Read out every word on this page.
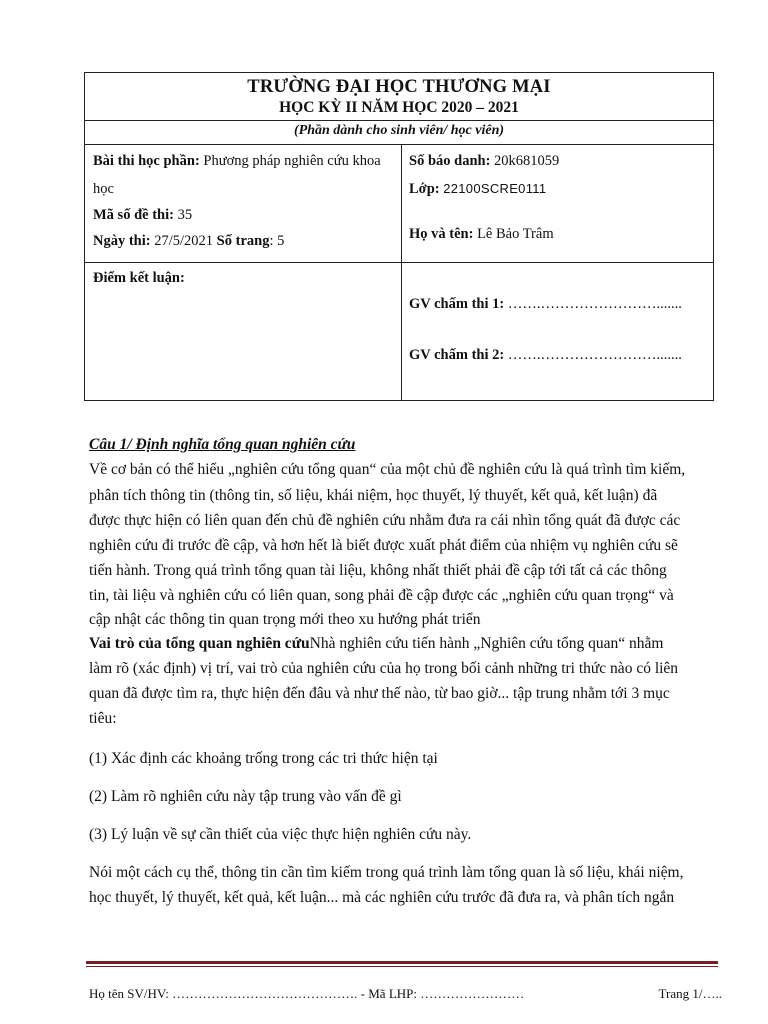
TRƯỜNG ĐẠI HỌC THƯƠNG MẠI
HỌC KỲ II NĂM HỌC 2020 – 2021
(Phần dành cho sinh viên/ học viên)
Bài thi học phần: Phương pháp nghiên cứu khoa
học
Mã số đề thi: 35
Ngày thi: 27/5/2021 Số trang: 5
Điểm kết luận:
Số báo danh: 20k681059
Lớp: 22100SCRE0111
Họ và tên: Lê Bảo Trâm
GV chấm thi 1: …….…………………….......
GV chấm thi 2: …….…………………….......
Câu 1/ Định nghĩa tổng quan nghiên cứu
Về cơ bản có thể hiểu „nghiên cứu tổng quan“ của một chủ đề nghiên cứu là quá trình tìm kiếm,
phân tích thông tin (thông tin, số liệu, khái niệm, học thuyết, lý thuyết, kết quả, kết luận) đã
được thực hiện có liên quan đến chủ đề nghiên cứu nhằm đưa ra cái nhìn tổng quát đã được các
nghiên cứu đi trước đề cập, và hơn hết là biết được xuất phát điểm của nhiệm vụ nghiên cứu sẽ
tiến hành. Trong quá trình tổng quan tài liệu, không nhất thiết phải đề cập tới tất cả các thông
tin, tài liệu và nghiên cứu có liên quan, song phải đề cập được các „nghiên cứu quan trọng“ và
cập nhật các thông tin quan trọng mới theo xu hướng phát triển
Vai trò của tổng quan nghiên cứuNhà nghiên cứu tiến hành „Nghiên cứu tổng quan“ nhằm
làm rõ (xác định) vị trí, vai trò của nghiên cứu của họ trong bối cảnh những tri thức nào có liên
quan đã được tìm ra, thực hiện đến đâu và như thế nào, từ bao giờ... tập trung nhằm tới 3 mục
tiêu:
(1) Xác định các khoảng trống trong các tri thức hiện tại
(2) Làm rõ nghiên cứu này tập trung vào vấn đề gì
(3) Lý luận về sự cần thiết của việc thực hiện nghiên cứu này.
Nói một cách cụ thể, thông tin cần tìm kiếm trong quá trình làm tổng quan là số liệu, khái niệm,
học thuyết, lý thuyết, kết quả, kết luận... mà các nghiên cứu trước đã đưa ra, và phân tích ngắn
Họ tên SV/HV: ……………………………………. - Mã LHP: ……………………	Trang 1/…..
